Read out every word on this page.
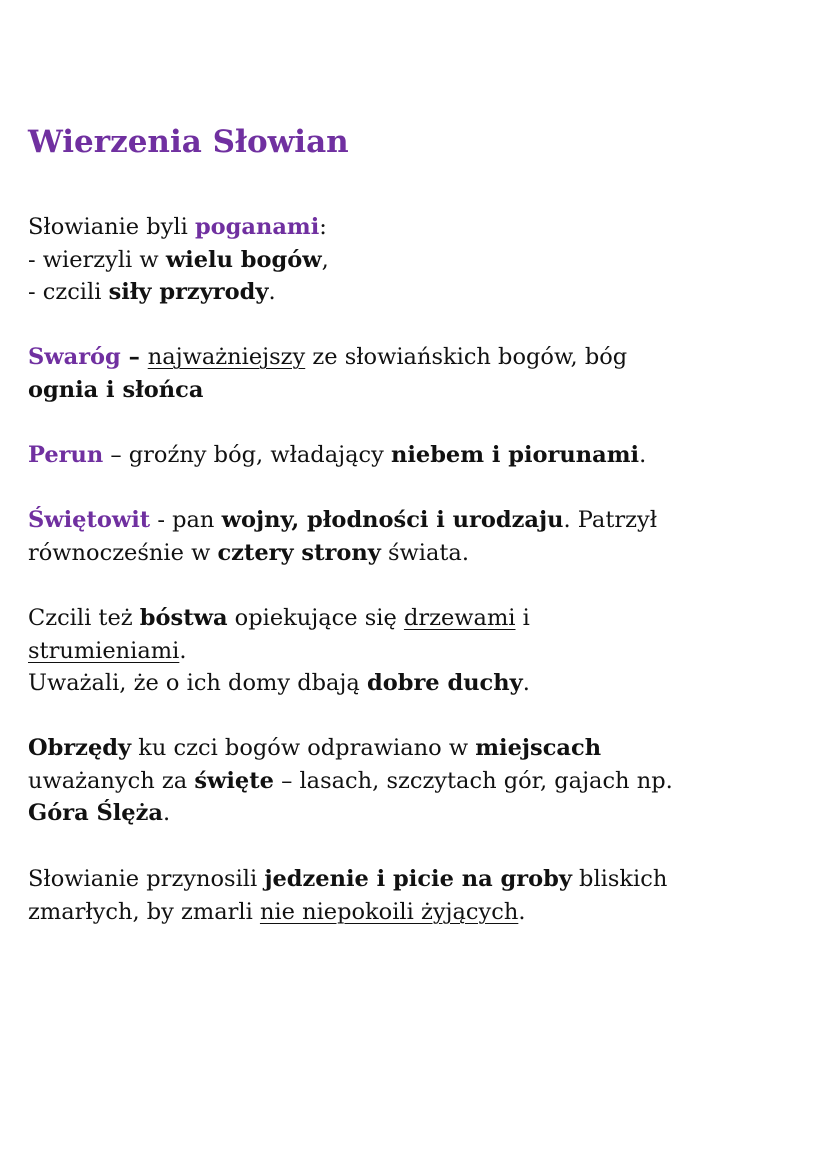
Wierzenia Słowian
Słowianie byli poganami:
- wierzyli w wielu bogów,
- czcili siły przyrody.
Swaróg – najważniejszy ze słowiańskich bogów, bóg
ognia i słońca
Perun – groźny bóg, władający niebem i piorunami.
Świętowit - pan wojny, płodności i urodzaju. Patrzył
równocześnie w cztery strony świata.
Czcili też bóstwa opiekujące się drzewami i
strumieniami.
Uważali, że o ich domy dbają dobre duchy.
Obrzędy ku czci bogów odprawiano w miejscach
uważanych za święte – lasach, szczytach gór, gajach np.
Góra Ślęża.
Słowianie przynosili jedzenie i picie na groby bliskich
zmarłych, by zmarli nie niepokoili żyjących.
